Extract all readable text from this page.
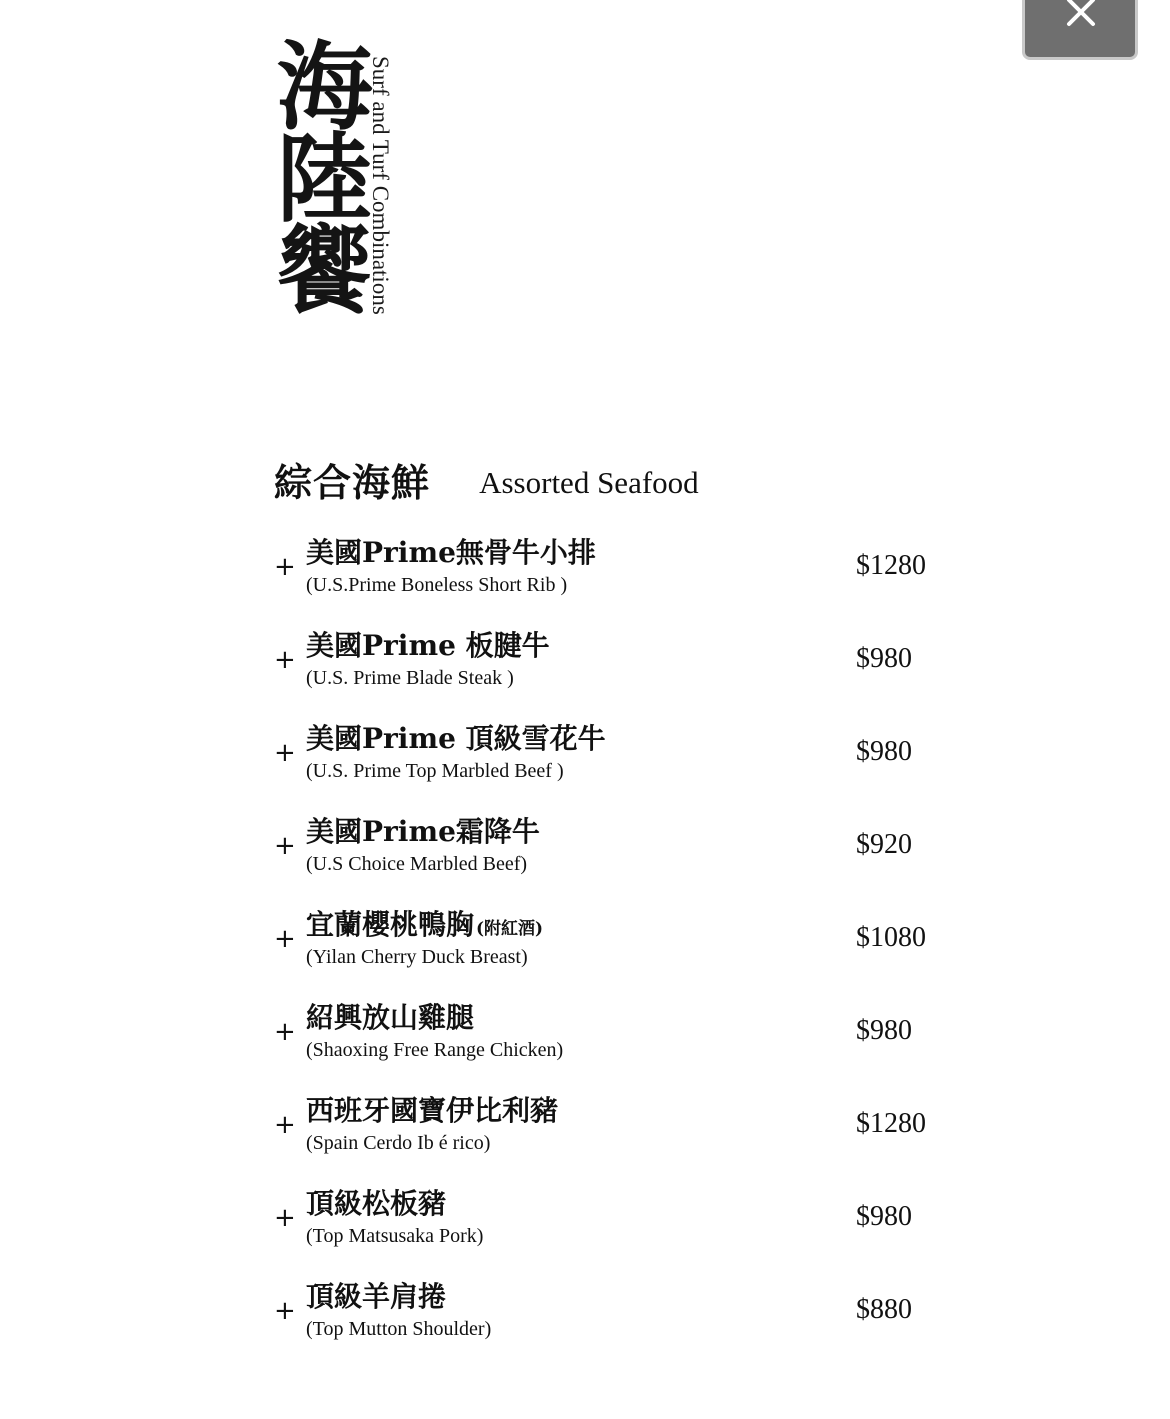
海陸饗
Surf and Turf Combinations
綜合海鮮 Assorted Seafood
+ 美國Prime無骨牛小排
(U.S.Prime Boneless Short Rib )
$1280
+ 美國Prime 板腱牛
(U.S. Prime Blade Steak )
$980
+ 美國Prime 頂級雪花牛
(U.S. Prime Top Marbled Beef )
$980
+ 美國Prime霜降牛
(U.S Choice Marbled Beef)
$920
+ 宜蘭櫻桃鴨胸 (附紅酒)
(Yilan Cherry Duck Breast)
$1080
+ 紹興放山雞腿
(Shaoxing Free Range Chicken)
$980
+ 西班牙國寶伊比利豬
(Spain Cerdo Ib é rico)
$1280
+ 頂級松板豬
(Top Matsusaka Pork)
$980
+ 頂級羊肩捲
(Top Mutton Shoulder)
$880
